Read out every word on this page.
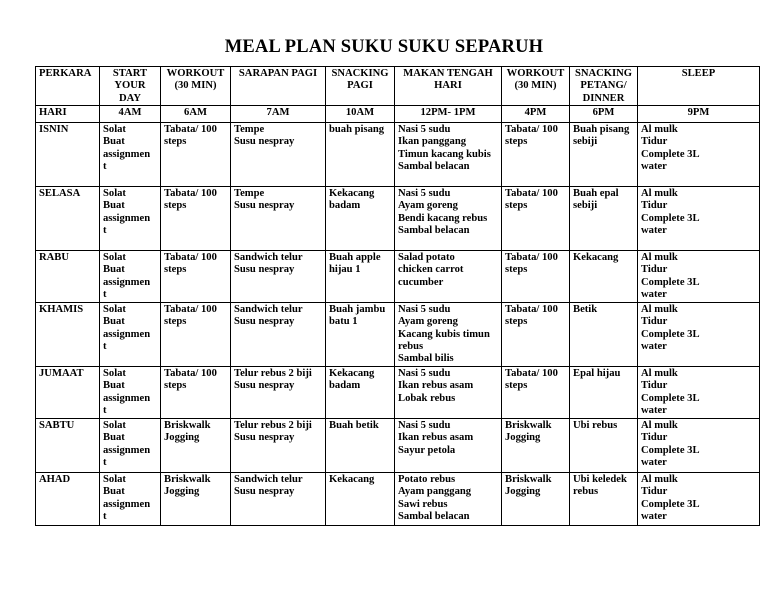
MEAL PLAN SUKU SUKU SEPARUH
PERKARA	START
YOUR
DAY	WORKOUT
(30 MIN)	SARAPAN PAGI	SNACKING
PAGI	MAKAN TENGAH
HARI	WORKOUT
(30 MIN)	SNACKING
PETANG/
DINNER	SLEEP
HARI	4AM	6AM	7AM	10AM	12PM- 1PM	4PM	6PM	9PM
ISNIN	Solat
Buat
assignmen
t	Tabata/ 100
steps	Tempe
Susu nespray	buah pisang	Nasi 5 sudu
Ikan panggang
Timun kacang kubis
Sambal belacan	Tabata/ 100
steps	Buah pisang
sebiji	Al mulk
Tidur
Complete 3L
water
SELASA	Solat
Buat
assignmen
t	Tabata/ 100
steps	Tempe
Susu nespray	Kekacang
badam	Nasi 5 sudu
Ayam goreng
Bendi kacang rebus
Sambal belacan	Tabata/ 100
steps	Buah epal
sebiji	Al mulk
Tidur
Complete 3L
water
RABU	Solat
Buat
assignmen
t	Tabata/ 100
steps	Sandwich telur
Susu nespray	Buah apple
hijau 1	Salad potato
chicken carrot
cucumber	Tabata/ 100
steps	Kekacang	Al mulk
Tidur
Complete 3L
water
KHAMIS	Solat
Buat
assignmen
t	Tabata/ 100
steps	Sandwich telur
Susu nespray	Buah jambu
batu 1	Nasi 5 sudu
Ayam goreng
Kacang kubis timun
rebus
Sambal bilis	Tabata/ 100
steps	Betik	Al mulk
Tidur
Complete 3L
water
JUMAAT	Solat
Buat
assignmen
t	Tabata/ 100
steps	Telur rebus 2 biji
Susu nespray	Kekacang
badam	Nasi 5 sudu
Ikan rebus asam
Lobak rebus	Tabata/ 100
steps	Epal hijau	Al mulk
Tidur
Complete 3L
water
SABTU	Solat
Buat
assignmen
t	Briskwalk
Jogging	Telur rebus 2 biji
Susu nespray	Buah betik	Nasi 5 sudu
Ikan rebus asam
Sayur petola	Briskwalk
Jogging	Ubi rebus	Al mulk
Tidur
Complete 3L
water
AHAD	Solat
Buat
assignmen
t	Briskwalk
Jogging	Sandwich telur
Susu nespray	Kekacang	Potato rebus
Ayam panggang
Sawi rebus
Sambal belacan	Briskwalk
Jogging	Ubi keledek
rebus	Al mulk
Tidur
Complete 3L
water
